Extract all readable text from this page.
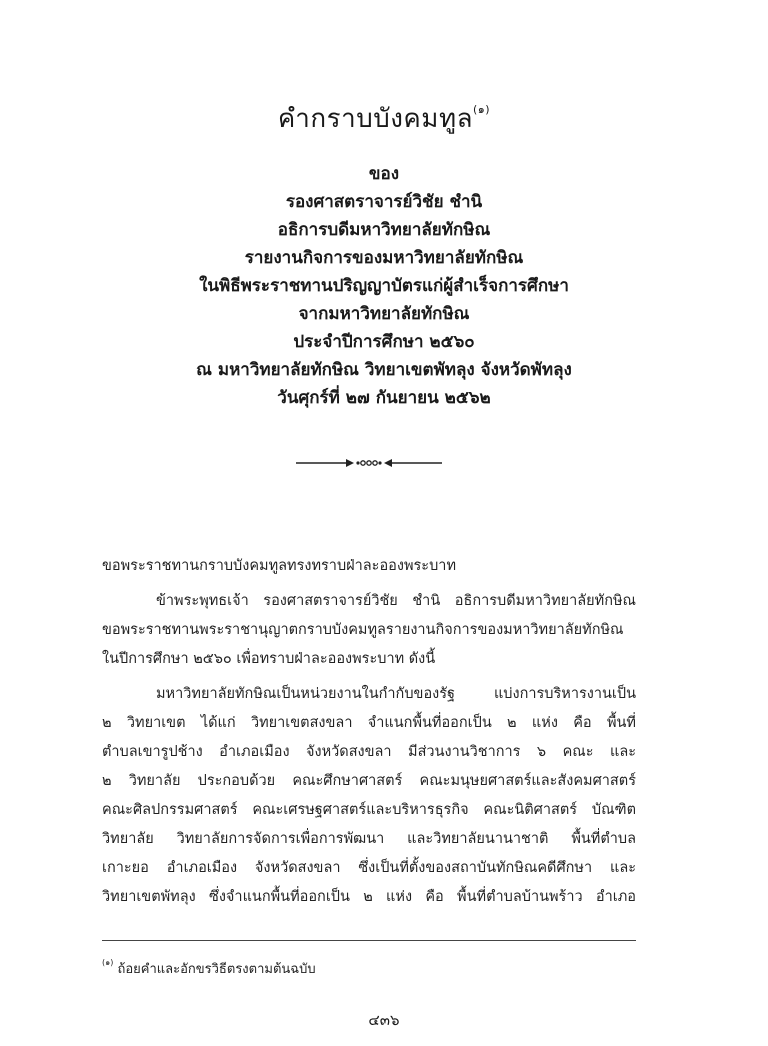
คำกราบบังคมทูล$^{(๑)}$
ของ
รองศาสตราจารย์วิชัย ชำนิ
อธิการบดีมหาวิทยาลัยทักษิณ
รายงานกิจการของมหาวิทยาลัยทักษิณ
ในพิธีพระราชทานปริญญาบัตรแก่ผู้สำเร็จการศึกษา
จากมหาวิทยาลัยทักษิณ
ประจำปีการศึกษา ๒๕๖๐
ณ มหาวิทยาลัยทักษิณ วิทยาเขตพัทลุง จังหวัดพัทลุง
วันศุกร์ที่ ๒๗ กันยายน ๒๕๖๒
ขอพระราชทานกราบบังคมทูลทรงทราบฝ่าละอองพระบาท
ข้าพระพุทธเจ้า รองศาสตราจารย์วิชัย ชำนิ อธิการบดีมหาวิทยาลัยทักษิณ
ขอพระราชทานพระราชานุญาตกราบบังคมทูลรายงานกิจการของมหาวิทยาลัยทักษิณ
ในปีการศึกษา ๒๕๖๐ เพื่อทราบฝ่าละอองพระบาท ดังนี้
มหาวิทยาลัยทักษิณเป็นหน่วยงานในกำกับของรัฐ แบ่งการบริหารงานเป็น
๒ วิทยาเขต ได้แก่ วิทยาเขตสงขลา จำแนกพื้นที่ออกเป็น ๒ แห่ง คือ พื้นที่
ตำบลเขารูปช้าง อำเภอเมือง จังหวัดสงขลา มีส่วนงานวิชาการ ๖ คณะ และ
๒ วิทยาลัย ประกอบด้วย คณะศึกษาศาสตร์ คณะมนุษยศาสตร์และสังคมศาสตร์
คณะศิลปกรรมศาสตร์ คณะเศรษฐศาสตร์และบริหารธุรกิจ คณะนิติศาสตร์ บัณฑิต
วิทยาลัย วิทยาลัยการจัดการเพื่อการพัฒนา และวิทยาลัยนานาชาติ พื้นที่ตำบล
เกาะยอ อำเภอเมือง จังหวัดสงขลา ซึ่งเป็นที่ตั้งของสถาบันทักษิณคดีศึกษา และ
วิทยาเขตพัทลุง ซึ่งจำแนกพื้นที่ออกเป็น ๒ แห่ง คือ พื้นที่ตำบลบ้านพร้าว อำเภอ
$^{(๑)}$ ถ้อยคำและอักขรวิธีตรงตามต้นฉบับ
๔๓๖
